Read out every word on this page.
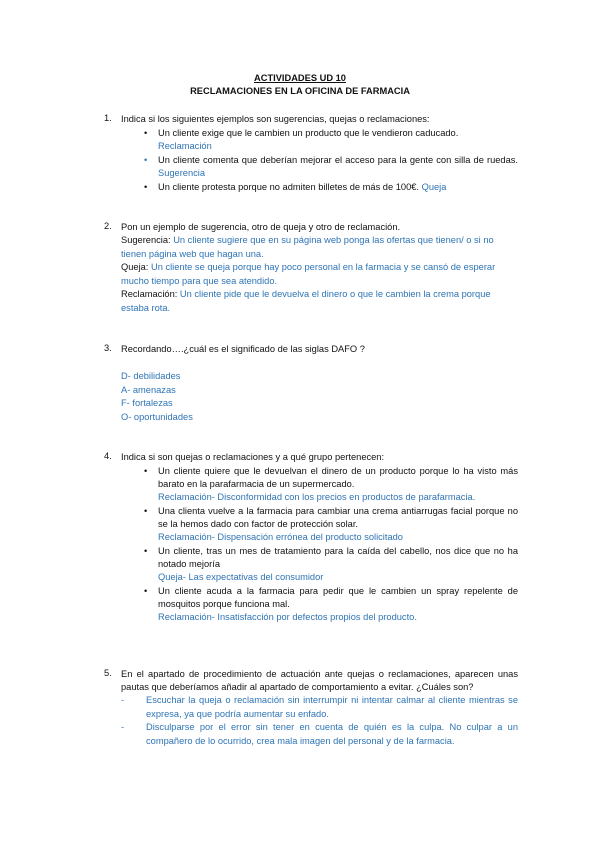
ACTIVIDADES UD 10
RECLAMACIONES EN LA OFICINA DE FARMACIA
1. Indica si los siguientes ejemplos son sugerencias, quejas o reclamaciones:
• Un cliente exige que le cambien un producto que le vendieron caducado.
Reclamación
• Un cliente comenta que deberían mejorar el acceso para la gente con silla de ruedas. Sugerencia
• Un cliente protesta porque no admiten billetes de más de 100€. Queja
2. Pon un ejemplo de sugerencia, otro de queja y otro de reclamación.
Sugerencia: Un cliente sugiere que en su página web ponga las ofertas que tienen/ o si no tienen página web que hagan una.
Queja: Un cliente se queja porque hay poco personal en la farmacia y se cansó de esperar mucho tiempo para que sea atendido.
Reclamación: Un cliente pide que le devuelva el dinero o que le cambien la crema porque estaba rota.
3. Recordando….¿cuál es el significado de las siglas DAFO ?
D- debilidades
A- amenazas
F- fortalezas
O- oportunidades
4. Indica si son quejas o reclamaciones y a qué grupo pertenecen:
• Un cliente quiere que le devuelvan el dinero de un producto porque lo ha visto más barato en la parafarmacia de un supermercado.
Reclamación- Disconformidad con los precios en productos de parafarmacia.
• Una clienta vuelve a la farmacia para cambiar una crema antiarrugas facial porque no se la hemos dado con factor de protección solar.
Reclamación- Dispensación errónea del producto solicitado
• Un cliente, tras un mes de tratamiento para la caída del cabello, nos dice que no ha notado mejoría
Queja- Las expectativas del consumidor
• Un cliente acuda a la farmacia para pedir que le cambien un spray repelente de mosquitos porque funciona mal.
Reclamación- Insatisfacción por defectos propios del producto.
5. En el apartado de procedimiento de actuación ante quejas o reclamaciones, aparecen unas pautas que deberíamos añadir al apartado de comportamiento a evitar. ¿Cuáles son?
- Escuchar la queja o reclamación sin interrumpir ni intentar calmar al cliente mientras se expresa, ya que podría aumentar su enfado.
- Disculparse por el error sin tener en cuenta de quién es la culpa. No culpar a un compañero de lo ocurrido, crea mala imagen del personal y de la farmacia.
